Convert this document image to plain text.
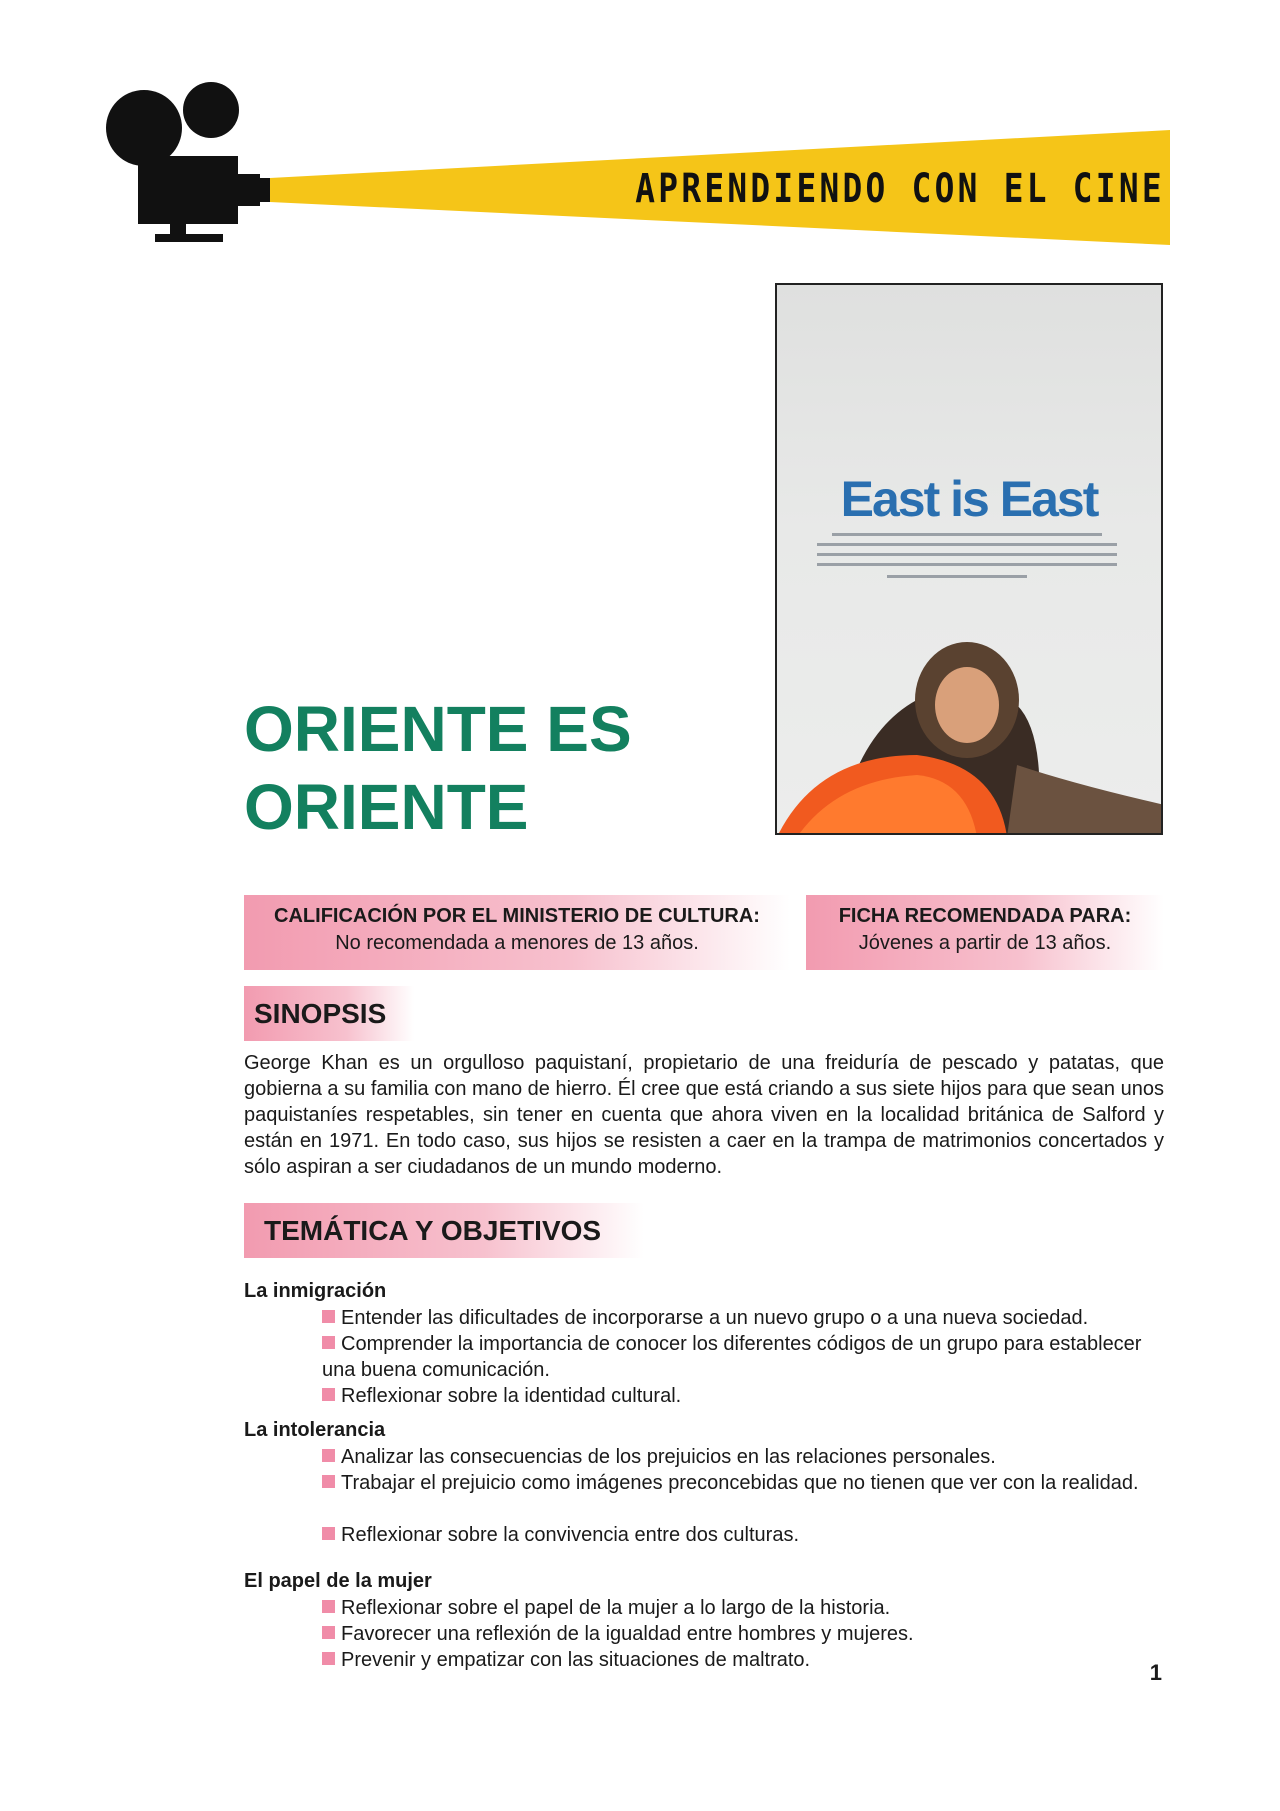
APRENDIENDO CON EL CINE
East is East
ORIENTE ES
ORIENTE
CALIFICACIÓN POR EL MINISTERIO DE CULTURA:
No recomendada a menores de 13 años.
FICHA RECOMENDADA PARA:
Jóvenes a partir de 13 años.
SINOPSIS
George Khan es un orgulloso paquistaní, propietario de una freiduría de pescado y patatas, que gobierna a su familia con mano de hierro. Él cree que está criando a sus siete hijos para que sean unos paquistaníes respetables, sin tener en cuenta que ahora viven en la localidad británica de Salford y están en 1971. En todo caso, sus hijos se resisten a caer en la trampa de matrimonios concertados y sólo aspiran a ser ciudadanos de un mundo moderno.
TEMÁTICA Y OBJETIVOS
La inmigración
Entender las dificultades de incorporarse a un nuevo grupo o a una nueva sociedad.
Comprender la importancia de conocer los diferentes códigos de un grupo para establecer una buena comunicación.
Reflexionar sobre la identidad cultural.
La intolerancia
Analizar las consecuencias de los prejuicios en las relaciones personales.
Trabajar el prejuicio como imágenes preconcebidas que no tienen que ver con la realidad.
Reflexionar sobre la convivencia entre dos culturas.
El papel de la mujer
Reflexionar sobre el papel de la mujer a lo largo de la historia.
Favorecer una reflexión de la igualdad entre hombres y mujeres.
Prevenir y empatizar con las situaciones de maltrato.	1
